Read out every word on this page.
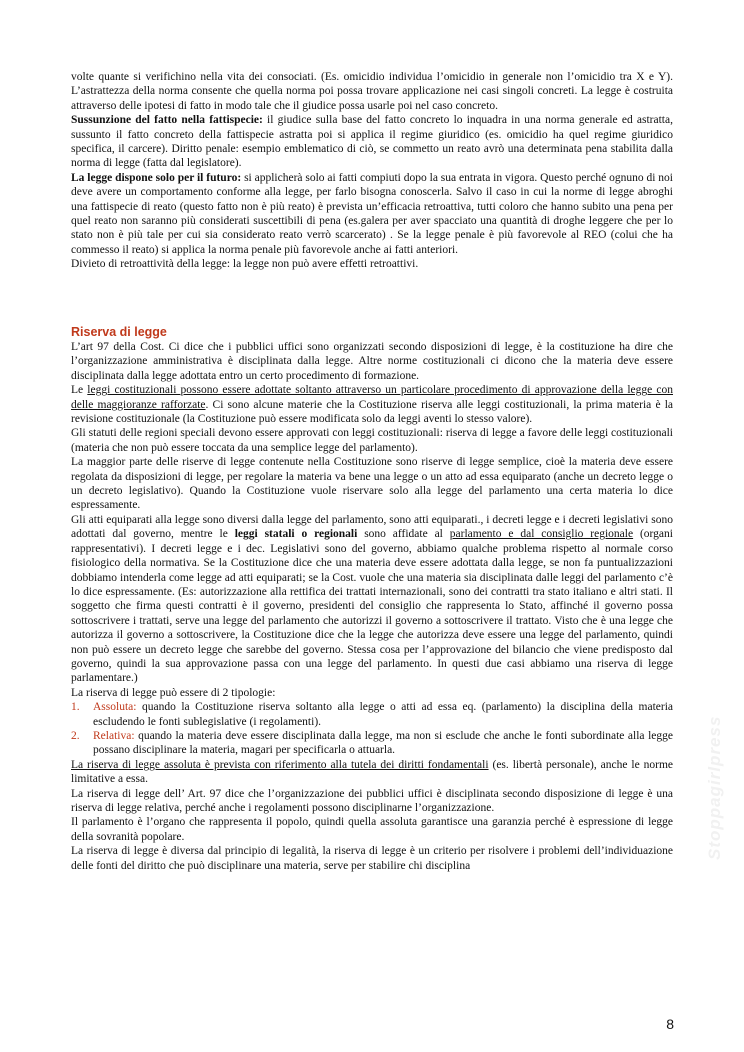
volte quante si verifichino nella vita dei consociati. (Es. omicidio individua l’omicidio in generale non l’omicidio tra X e Y). L’astrattezza della norma consente che quella norma poi possa trovare applicazione nei casi singoli concreti. La legge è costruita attraverso delle ipotesi di fatto in modo tale che il giudice possa usarle poi nel caso concreto.

Sussunzione del fatto nella fattispecie: il giudice sulla base del fatto concreto lo inquadra in una norma generale ed astratta, sussunto il fatto concreto della fattispecie astratta poi si applica il regime giuridico (es. omicidio ha quel regime giuridico specifica, il carcere). Diritto penale: esempio emblematico di ciò, se commetto un reato avrò una determinata pena stabilita dalla norma di legge (fatta dal legislatore).

La legge dispone solo per il futuro: si applicherà solo ai fatti compiuti dopo la sua entrata in vigora. Questo perché ognuno di noi deve avere un comportamento conforme alla legge, per farlo bisogna conoscerla. Salvo il caso in cui la norme di legge abroghi una fattispecie di reato (questo fatto non è più reato) è prevista un’efficacia retroattiva, tutti coloro che hanno subito una pena per quel reato non saranno più considerati suscettibili di pena (es.galera per aver spacciato una quantità di droghe leggere che per lo stato non è più tale per cui sia considerato reato verrò scarcerato) . Se la legge penale è più favorevole al REO (colui che ha commesso il reato) si applica la norma penale più favorevole anche ai fatti anteriori.

Divieto di retroattività della legge: la legge non può avere effetti retroattivi.

Riserva di legge

L’art 97 della Cost. Ci dice che i pubblici uffici sono organizzati secondo disposizioni di legge, è la costituzione ha dire che l’organizzazione amministrativa è disciplinata dalla legge. Altre norme costituzionali ci dicono che la materia deve essere disciplinata dalla legge adottata entro un certo procedimento di formazione.

Le leggi costituzionali possono essere adottate soltanto attraverso un particolare procedimento di approvazione della legge con delle maggioranze rafforzate. Ci sono alcune materie che la Costituzione riserva alle leggi costituzionali, la prima materia è la revisione costituzionale (la Costituzione può essere modificata solo da leggi aventi lo stesso valore).

Gli statuti delle regioni speciali devono essere approvati con leggi costituzionali: riserva di legge a favore delle leggi costituzionali (materia che non può essere toccata da una semplice legge del parlamento).

La maggior parte delle riserve di legge contenute nella Costituzione sono riserve di legge semplice, cioè la materia deve essere regolata da disposizioni di legge, per regolare la materia va bene una legge o un atto ad essa equiparato (anche un decreto legge o un decreto legislativo). Quando la Costituzione vuole riservare solo alla legge del parlamento una certa materia lo dice espressamente.

Gli atti equiparati alla legge sono diversi dalla legge del parlamento, sono atti equiparati., i decreti legge e i decreti legislativi sono adottati dal governo, mentre le leggi statali o regionali sono affidate al parlamento e dal consiglio regionale (organi rappresentativi). I decreti legge e i dec. Legislativi sono del governo, abbiamo qualche problema rispetto al normale corso fisiologico della normativa. Se la Costituzione dice che una materia deve essere adottata dalla legge, se non fa puntualizzazioni dobbiamo intenderla come legge ad atti equiparati; se la Cost. vuole che una materia sia disciplinata dalle leggi del parlamento c’è lo dice espressamente. (Es: autorizzazione alla rettifica dei trattati internazionali, sono dei contratti tra stato italiano e altri stati. Il soggetto che firma questi contratti è il governo, presidenti del consiglio che rappresenta lo Stato, affinché il governo possa sottoscrivere i trattati, serve una legge del parlamento che autorizzi il governo a sottoscrivere il trattato. Visto che è una legge che autorizza il governo a sottoscrivere, la Costituzione dice che la legge che autorizza deve essere una legge del parlamento, quindi non può essere un decreto legge che sarebbe del governo. Stessa cosa per l’approvazione del bilancio che viene predisposto dal governo, quindi la sua approvazione passa con una legge del parlamento. In questi due casi abbiamo una riserva di legge parlamentare.)

La riserva di legge può essere di 2 tipologie:

1.	Assoluta: quando la Costituzione riserva soltanto alla legge o atti ad essa eq. (parlamento) la disciplina della materia escludendo le fonti sublegislative (i regolamenti).
2.	Relativa: quando la materia deve essere disciplinata dalla legge, ma non si esclude che anche le fonti subordinate alla legge possano disciplinare la materia, magari per specificarla o attuarla.

La riserva di legge assoluta è prevista con riferimento alla tutela dei diritti fondamentali (es. libertà personale), anche le norme limitative a essa.

La riserva di legge dell’ Art. 97 dice che l’organizzazione dei pubblici uffici è disciplinata secondo disposizione di legge è una riserva di legge relativa, perché anche i regolamenti possono disciplinarne l’organizzazione.

Il parlamento è l’organo che rappresenta il popolo, quindi quella assoluta garantisce una garanzia perché è espressione di legge della sovranità popolare.

La riserva di legge è diversa dal principio di legalità, la riserva di legge è un criterio per risolvere i problemi dell’individuazione delle fonti del diritto che può disciplinare una materia, serve per stabilire chi disciplina

Stoppagirlpress
8
